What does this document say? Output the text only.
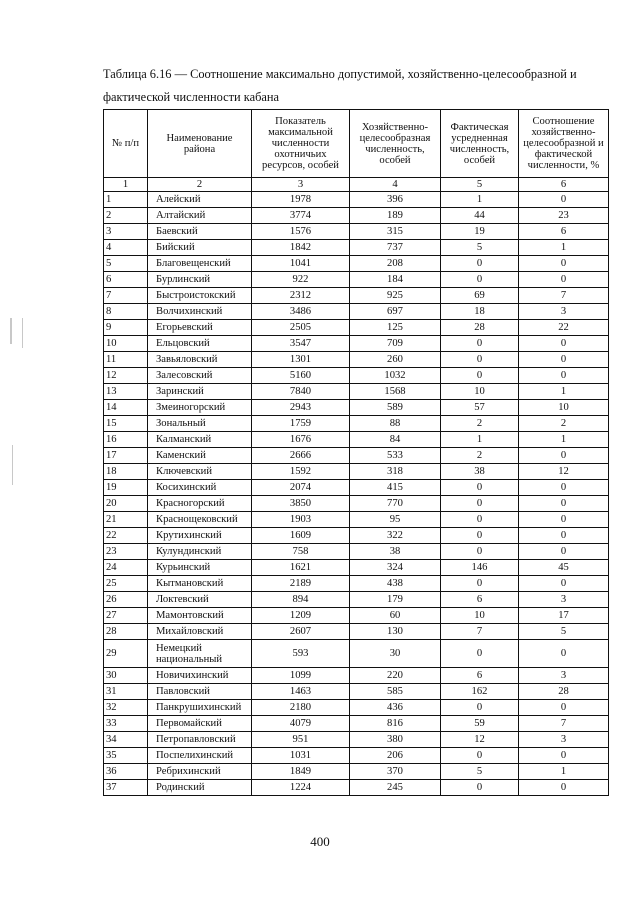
Таблица 6.16 — Соотношение максимально допустимой, хозяйственно-целесообразной и фактической численности кабана

№ п/п	Наименование района	Показатель максимальной численности охотничьих ресурсов, особей	Хозяйственно-целесообразная численность, особей	Фактическая усредненная численность, особей	Соотношение хозяйственно-целесообразной и фактической численности, %
1	2	3	4	5	6
1	Алейский	1978	396	1	0
2	Алтайский	3774	189	44	23
3	Баевский	1576	315	19	6
4	Бийский	1842	737	5	1
5	Благовещенский	1041	208	0	0
6	Бурлинский	922	184	0	0
7	Быстроистокский	2312	925	69	7
8	Волчихинский	3486	697	18	3
9	Егорьевский	2505	125	28	22
10	Ельцовский	3547	709	0	0
11	Завьяловский	1301	260	0	0
12	Залесовский	5160	1032	0	0
13	Заринский	7840	1568	10	1
14	Змеиногорский	2943	589	57	10
15	Зональный	1759	88	2	2
16	Калманский	1676	84	1	1
17	Каменский	2666	533	2	0
18	Ключевский	1592	318	38	12
19	Косихинский	2074	415	0	0
20	Красногорский	3850	770	0	0
21	Краснощековский	1903	95	0	0
22	Крутихинский	1609	322	0	0
23	Кулундинский	758	38	0	0
24	Курьинский	1621	324	146	45
25	Кытмановский	2189	438	0	0
26	Локтевский	894	179	6	3
27	Мамонтовский	1209	60	10	17
28	Михайловский	2607	130	7	5
29	Немецкий национальный	593	30	0	0
30	Новичихинский	1099	220	6	3
31	Павловский	1463	585	162	28
32	Панкрушихинский	2180	436	0	0
33	Первомайский	4079	816	59	7
34	Петропавловский	951	380	12	3
35	Поспелихинский	1031	206	0	0
36	Ребрихинский	1849	370	5	1
37	Родинский	1224	245	0	0
400
